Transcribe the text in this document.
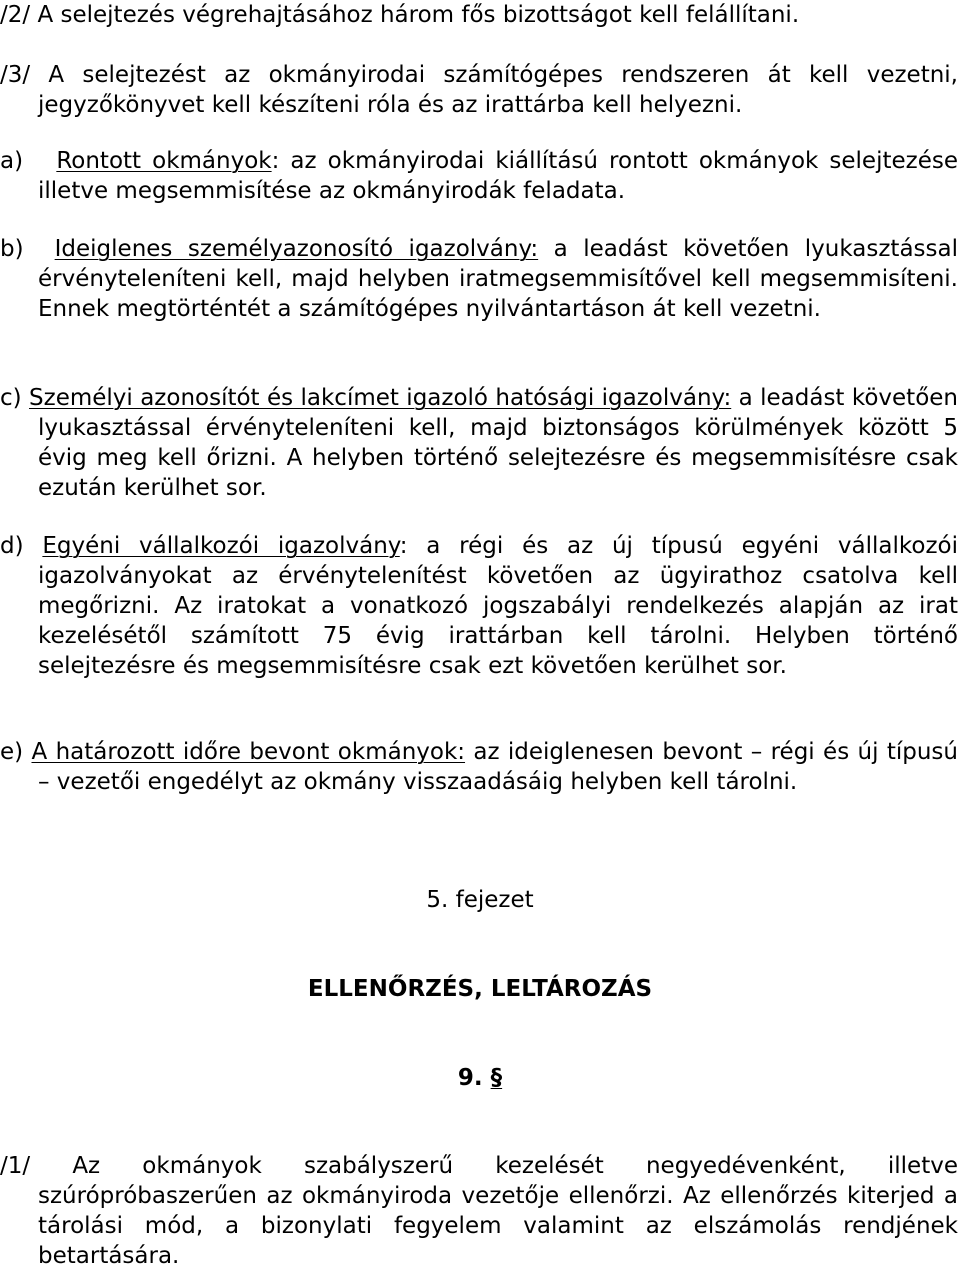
/2/ A selejtezés végrehajtásához három fős bizottságot kell felállítani.

/3/ A selejtezést az okmányirodai számítógépes rendszeren át kell vezetni, jegyzőkönyvet kell készíteni róla és az irattárba kell helyezni.

a) Rontott okmányok: az okmányirodai kiállítású rontott okmányok selejtezése illetve megsemmisítése az okmányirodák feladata.

b) Ideiglenes személyazonosító igazolvány: a leadást követően lyukasztással érvényteleníteni kell, majd helyben iratmegsemmisítővel kell megsemmisíteni. Ennek megtörténtét a számítógépes nyilvántartáson át kell vezetni.

c) Személyi azonosítót és lakcímet igazoló hatósági igazolvány: a leadást követően lyukasztással érvényteleníteni kell, majd biztonságos körülmények között 5 évig meg kell őrizni. A helyben történő selejtezésre és megsemmisítésre csak ezután kerülhet sor.

d) Egyéni vállalkozói igazolvány: a régi és az új típusú egyéni vállalkozói igazolványokat az érvénytelenítést követően az ügyirathoz csatolva kell megőrizni. Az iratokat a vonatkozó jogszabályi rendelkezés alapján az irat kezelésétől számított 75 évig irattárban kell tárolni. Helyben történő selejtezésre és megsemmisítésre csak ezt követően kerülhet sor.

e) A határozott időre bevont okmányok: az ideiglenesen bevont – régi és új típusú – vezetői engedélyt az okmány visszaadásáig helyben kell tárolni.

5. fejezet

ELLENŐRZÉS, LELTÁROZÁS

9. §

/1/ Az okmányok szabályszerű kezelését negyedévenként, illetve szúrópróbaszerűen az okmányiroda vezetője ellenőrzi. Az ellenőrzés kiterjed a tárolási mód, a bizonylati fegyelem valamint az elszámolás rendjének betartására.
